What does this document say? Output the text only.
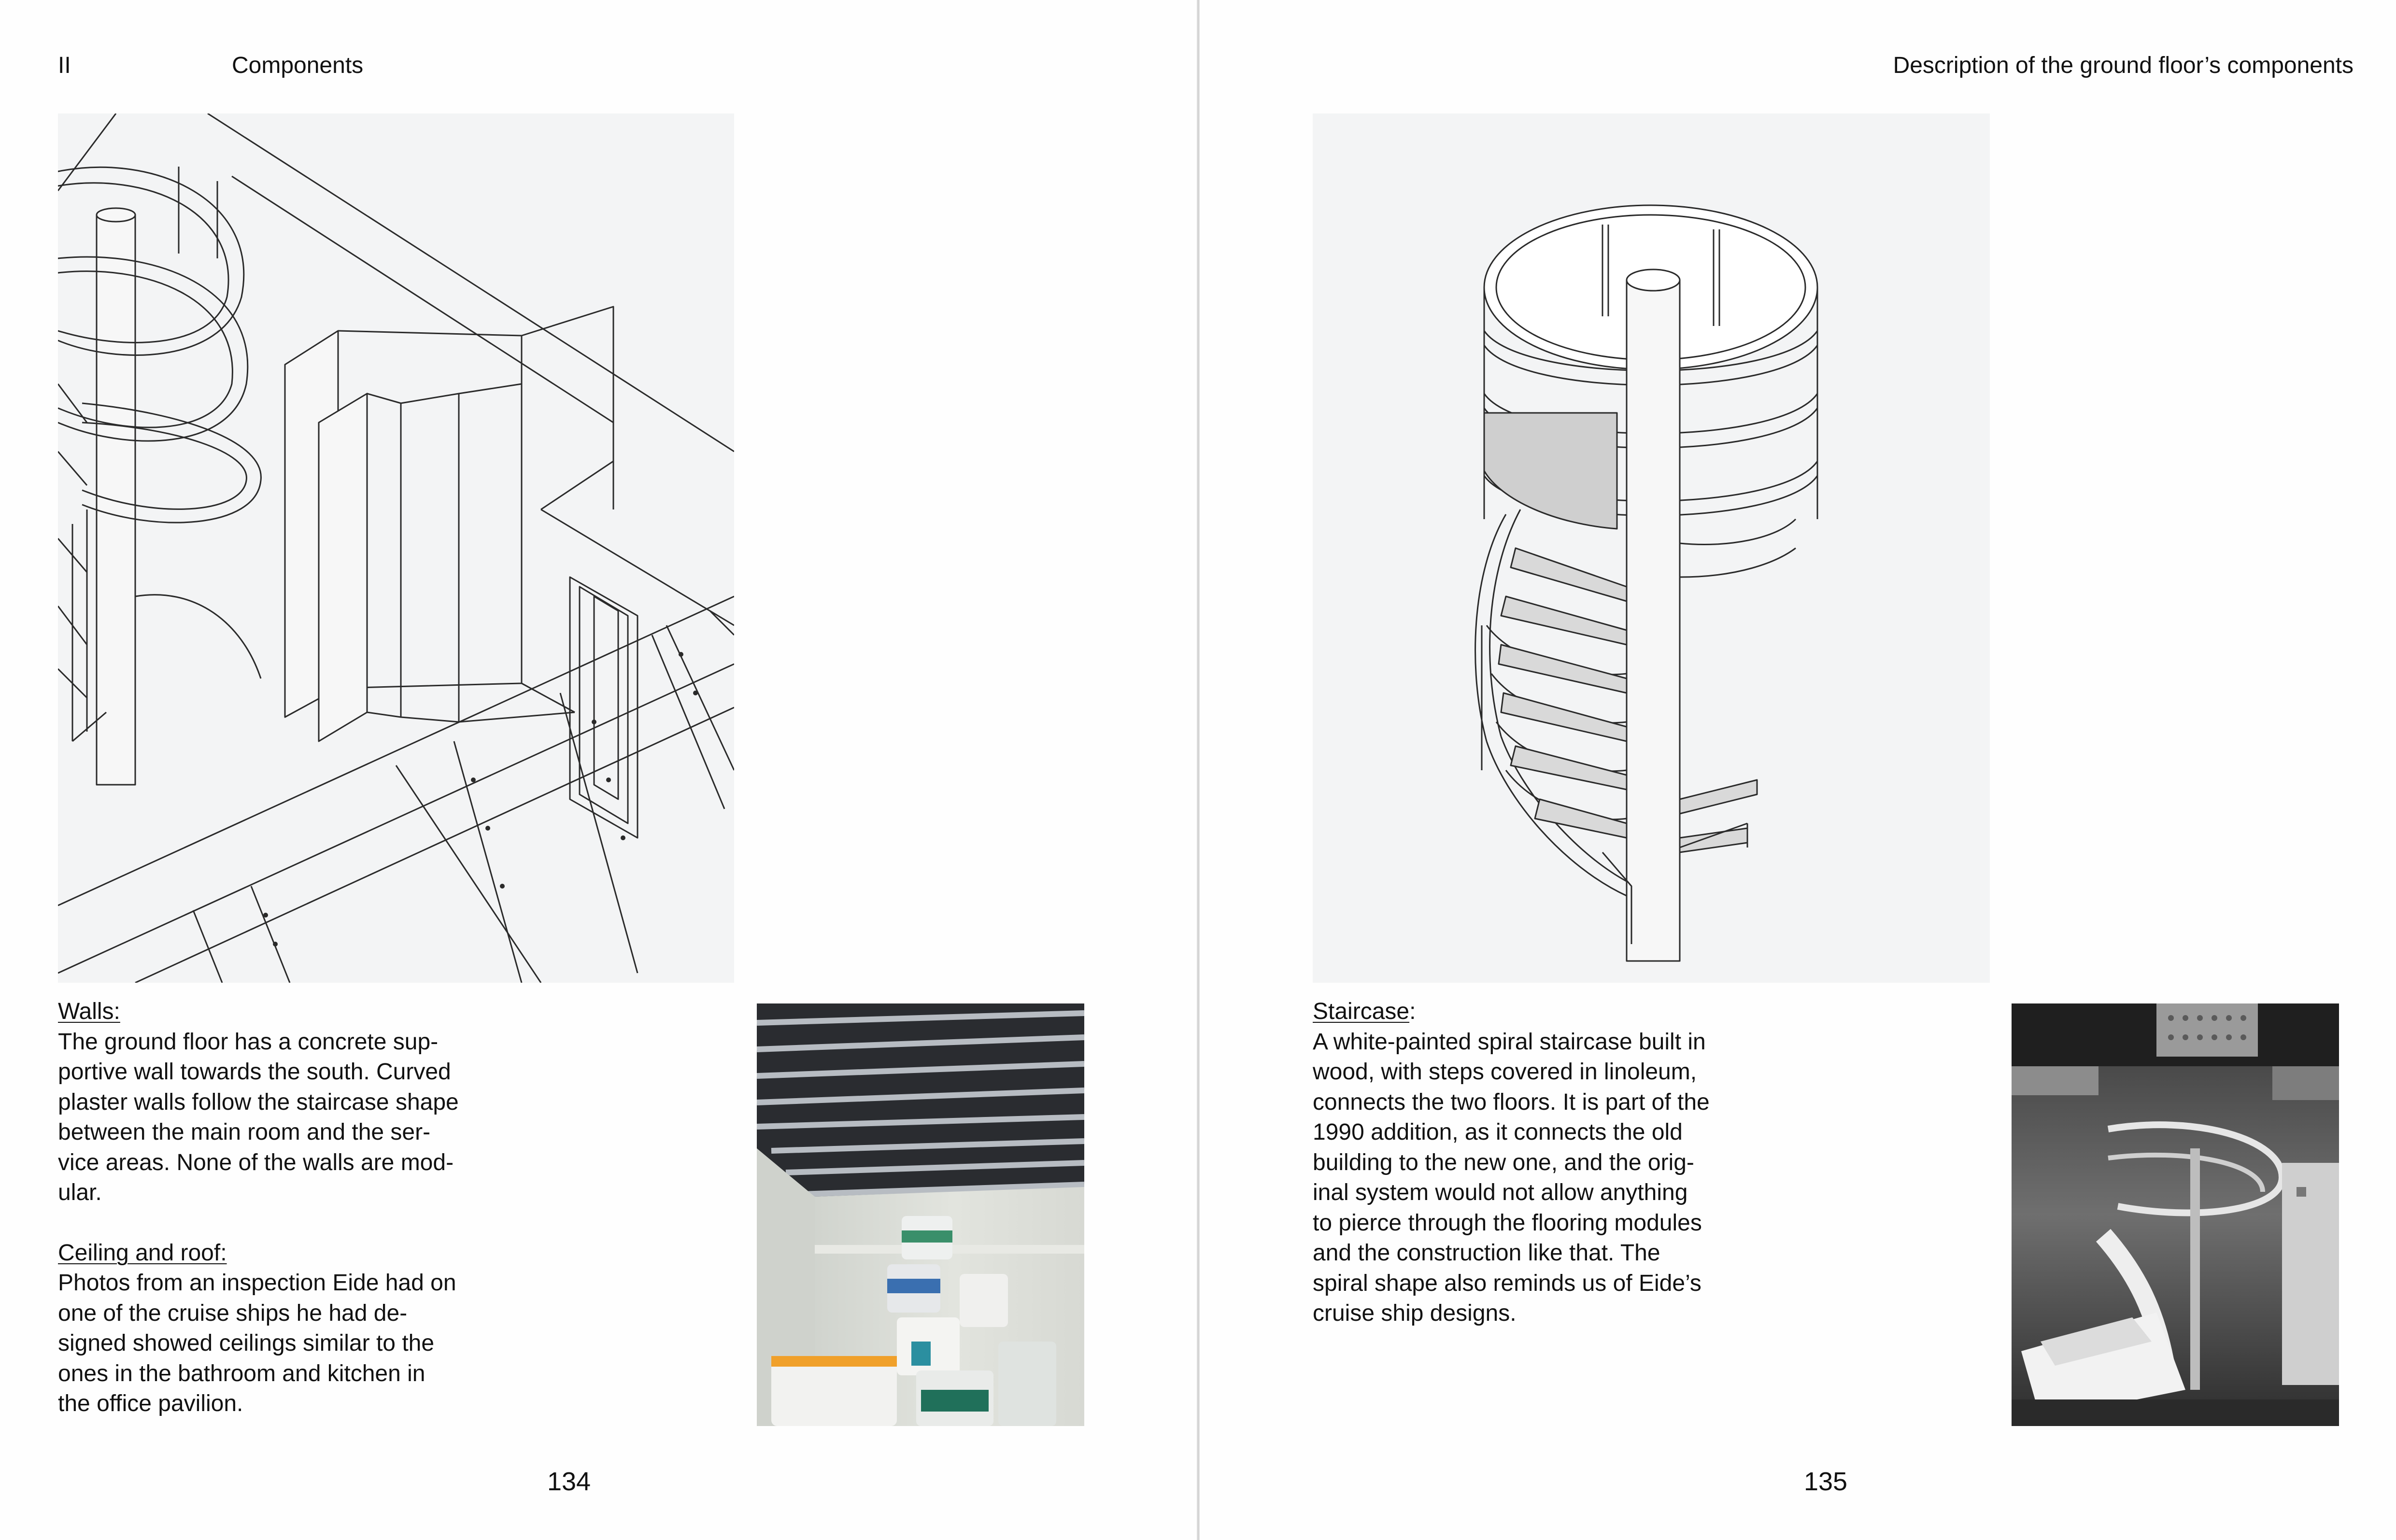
II	Components

Walls:

The ground floor has a concrete sup-

portive wall towards the south. Curved

plaster walls follow the staircase shape

between the main room and the ser-

vice areas. None of the walls are mod-

ular.

Ceiling and roof:

Photos from an inspection Eide had on

one of the cruise ships he had de-

signed showed ceilings similar to the

ones in the bathroom and kitchen in

the office pavilion.

134
Description of the ground floor’s components

Staircase:

A white-painted spiral staircase built in

wood, with steps covered in linoleum,

connects the two floors. It is part of the

1990 addition, as it connects the old

building to the new one, and the orig-

inal system would not allow anything

to pierce through the flooring modules

and the construction like that. The

spiral shape also reminds us of Eide’s

cruise ship designs.

135
